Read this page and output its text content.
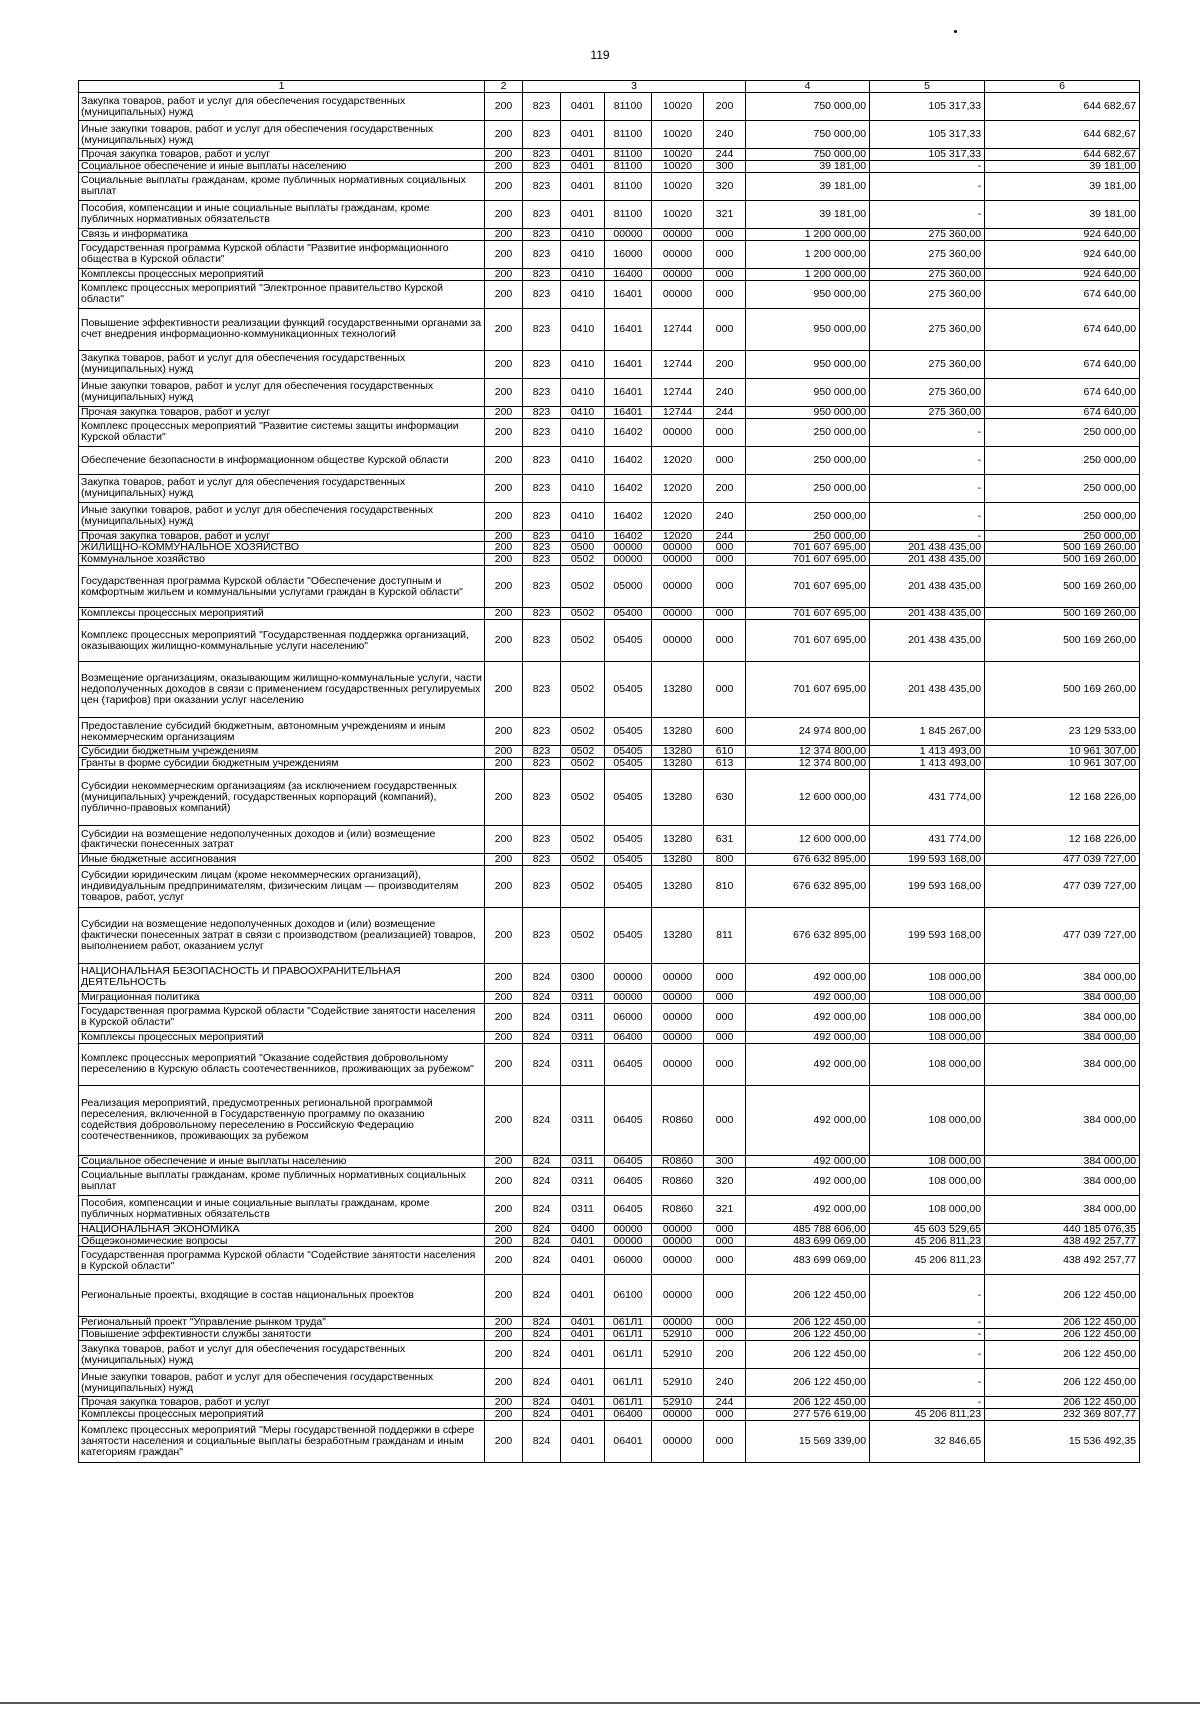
119
1	2	3					4	5	6
Закупка товаров, работ и услуг для обеспечения государственных (муниципальных) нужд	200	823	0401	81100	10020	200	750 000,00	105 317,33	644 682,67
Иные закупки товаров, работ и услуг для обеспечения государственных (муниципальных) нужд	200	823	0401	81100	10020	240	750 000,00	105 317,33	644 682,67
Прочая закупка товаров, работ и услуг	200	823	0401	81100	10020	244	750 000,00	105 317,33	644 682,67
Социальное обеспечение и иные выплаты населению	200	823	0401	81100	10020	300	39 181,00	-	39 181,00
Социальные выплаты гражданам, кроме публичных нормативных социальных выплат	200	823	0401	81100	10020	320	39 181,00	-	39 181,00
Пособия, компенсации и иные социальные выплаты гражданам, кроме публичных нормативных обязательств	200	823	0401	81100	10020	321	39 181,00	-	39 181,00
Связь и информатика	200	823	0410	00000	00000	000	1 200 000,00	275 360,00	924 640,00
Государственная программа Курской области "Развитие информационного общества в Курской области"	200	823	0410	16000	00000	000	1 200 000,00	275 360,00	924 640,00
Комплексы процессных мероприятий	200	823	0410	16400	00000	000	1 200 000,00	275 360,00	924 640,00
Комплекс процессных мероприятий "Электронное правительство Курской области"	200	823	0410	16401	00000	000	950 000,00	275 360,00	674 640,00
Повышение эффективности реализации функций государственными органами за счет внедрения информационно-коммуникационных технологий	200	823	0410	16401	12744	000	950 000,00	275 360,00	674 640,00
Закупка товаров, работ и услуг для обеспечения государственных (муниципальных) нужд	200	823	0410	16401	12744	200	950 000,00	275 360,00	674 640,00
Иные закупки товаров, работ и услуг для обеспечения государственных (муниципальных) нужд	200	823	0410	16401	12744	240	950 000,00	275 360,00	674 640,00
Прочая закупка товаров, работ и услуг	200	823	0410	16401	12744	244	950 000,00	275 360,00	674 640,00
Комплекс процессных мероприятий "Развитие системы защиты информации Курской области"	200	823	0410	16402	00000	000	250 000,00	-	250 000,00
Обеспечение безопасности в информационном обществе Курской области	200	823	0410	16402	12020	000	250 000,00	-	250 000,00
Закупка товаров, работ и услуг для обеспечения государственных (муниципальных) нужд	200	823	0410	16402	12020	200	250 000,00	-	250 000,00
Иные закупки товаров, работ и услуг для обеспечения государственных (муниципальных) нужд	200	823	0410	16402	12020	240	250 000,00	-	250 000,00
Прочая закупка товаров, работ и услуг	200	823	0410	16402	12020	244	250 000,00	-	250 000,00
ЖИЛИЩНО-КОММУНАЛЬНОЕ ХОЗЯЙСТВО	200	823	0500	00000	00000	000	701 607 695,00	201 438 435,00	500 169 260,00
Коммунальное хозяйство	200	823	0502	00000	00000	000	701 607 695,00	201 438 435,00	500 169 260,00
Государственная программа Курской области "Обеспечение доступным и комфортным жильем и коммунальными услугами граждан в Курской области"	200	823	0502	05000	00000	000	701 607 695,00	201 438 435,00	500 169 260,00
Комплексы процессных мероприятий	200	823	0502	05400	00000	000	701 607 695,00	201 438 435,00	500 169 260,00
Комплекс процессных мероприятий "Государственная поддержка организаций, оказывающих жилищно-коммунальные услуги населению"	200	823	0502	05405	00000	000	701 607 695,00	201 438 435,00	500 169 260,00
Возмещение организациям, оказывающим жилищно-коммунальные услуги, части недополученных доходов в связи с применением государственных регулируемых цен (тарифов) при оказании услуг населению	200	823	0502	05405	13280	000	701 607 695,00	201 438 435,00	500 169 260,00
Предоставление субсидий бюджетным, автономным учреждениям и иным некоммерческим организациям	200	823	0502	05405	13280	600	24 974 800,00	1 845 267,00	23 129 533,00
Субсидии бюджетным учреждениям	200	823	0502	05405	13280	610	12 374 800,00	1 413 493,00	10 961 307,00
Гранты в форме субсидии бюджетным учреждениям	200	823	0502	05405	13280	613	12 374 800,00	1 413 493,00	10 961 307,00
Субсидии некоммерческим организациям (за исключением государственных (муниципальных) учреждений, государственных корпораций (компаний), публично-правовых компаний)	200	823	0502	05405	13280	630	12 600 000,00	431 774,00	12 168 226,00
Субсидии на возмещение недополученных доходов и (или) возмещение фактически понесенных затрат	200	823	0502	05405	13280	631	12 600 000,00	431 774,00	12 168 226,00
Иные бюджетные ассигнования	200	823	0502	05405	13280	800	676 632 895,00	199 593 168,00	477 039 727,00
Субсидии юридическим лицам (кроме некоммерческих организаций), индивидуальным предпринимателям, физическим лицам — производителям товаров, работ, услуг	200	823	0502	05405	13280	810	676 632 895,00	199 593 168,00	477 039 727,00
Субсидии на возмещение недополученных доходов и (или) возмещение фактически понесенных затрат в связи с производством (реализацией) товаров, выполнением работ, оказанием услуг	200	823	0502	05405	13280	811	676 632 895,00	199 593 168,00	477 039 727,00
НАЦИОНАЛЬНАЯ БЕЗОПАСНОСТЬ И ПРАВООХРАНИТЕЛЬНАЯ ДЕЯТЕЛЬНОСТЬ	200	824	0300	00000	00000	000	492 000,00	108 000,00	384 000,00
Миграционная политика	200	824	0311	00000	00000	000	492 000,00	108 000,00	384 000,00
Государственная программа Курской области "Содействие занятости населения в Курской области"	200	824	0311	06000	00000	000	492 000,00	108 000,00	384 000,00
Комплексы процессных мероприятий	200	824	0311	06400	00000	000	492 000,00	108 000,00	384 000,00
Комплекс процессных мероприятий "Оказание содействия добровольному переселению в Курскую область соотечественников, проживающих за рубежом"	200	824	0311	06405	00000	000	492 000,00	108 000,00	384 000,00
Реализация мероприятий, предусмотренных региональной программой переселения, включенной в Государственную программу по оказанию содействия добровольному переселению в Российскую Федерацию соотечественников, проживающих за рубежом	200	824	0311	06405	R0860	000	492 000,00	108 000,00	384 000,00
Социальное обеспечение и иные выплаты населению	200	824	0311	06405	R0860	300	492 000,00	108 000,00	384 000,00
Социальные выплаты гражданам, кроме публичных нормативных социальных выплат	200	824	0311	06405	R0860	320	492 000,00	108 000,00	384 000,00
Пособия, компенсации и иные социальные выплаты гражданам, кроме публичных нормативных обязательств	200	824	0311	06405	R0860	321	492 000,00	108 000,00	384 000,00
НАЦИОНАЛЬНАЯ ЭКОНОМИКА	200	824	0400	00000	00000	000	485 788 606,00	45 603 529,65	440 185 076,35
Общеэкономические вопросы	200	824	0401	00000	00000	000	483 699 069,00	45 206 811,23	438 492 257,77
Государственная программа Курской области "Содействие занятости населения в Курской области"	200	824	0401	06000	00000	000	483 699 069,00	45 206 811,23	438 492 257,77
Региональные проекты, входящие в состав национальных проектов	200	824	0401	06100	00000	000	206 122 450,00	-	206 122 450,00
Региональный проект "Управление рынком труда"	200	824	0401	061Л1	00000	000	206 122 450,00	-	206 122 450,00
Повышение эффективности службы занятости	200	824	0401	061Л1	52910	000	206 122 450,00	-	206 122 450,00
Закупка товаров, работ и услуг для обеспечения государственных (муниципальных) нужд	200	824	0401	061Л1	52910	200	206 122 450,00	-	206 122 450,00
Иные закупки товаров, работ и услуг для обеспечения государственных (муниципальных) нужд	200	824	0401	061Л1	52910	240	206 122 450,00	-	206 122 450,00
Прочая закупка товаров, работ и услуг	200	824	0401	061Л1	52910	244	206 122 450,00	-	206 122 450,00
Комплексы процессных мероприятий	200	824	0401	06400	00000	000	277 576 619,00	45 206 811,23	232 369 807,77
Комплекс процессных мероприятий "Меры государственной поддержки в сфере занятости населения и социальные выплаты безработным гражданам и иным категориям граждан"	200	824	0401	06401	00000	000	15 569 339,00	32 846,65	15 536 492,35
